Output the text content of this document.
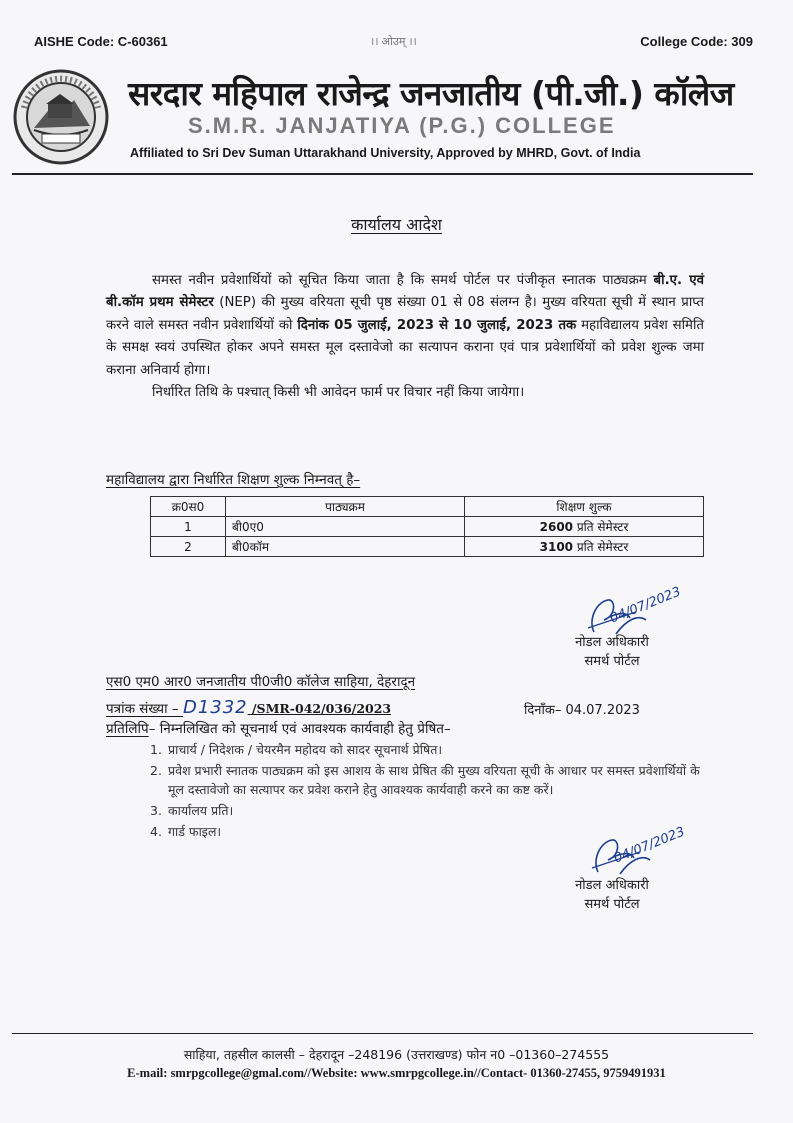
AISHE Code: C-60361	।। ओउम् ।।	College Code: 309
सरदार महिपाल राजेन्द्र जनजातीय (पी.जी.) कॉलेज
S.M.R. JANJATIYA (P.G.) COLLEGE
Affiliated to Sri Dev Suman Uttarakhand University, Approved by MHRD, Govt. of India
कार्यालय आदेश

समस्त नवीन प्रवेशार्थियों को सूचित किया जाता है कि समर्थ पोर्टल पर पंजीकृत स्नातक पाठ्यक्रम बी.ए. एवं बी.कॉम प्रथम सेमेस्टर (NEP) की मुख्य वरियता सूची पृष्ठ संख्या 01 से 08 संलग्न है। मुख्य वरियता सूची में स्थान प्राप्त करने वाले समस्त नवीन प्रवेशार्थियों को दिनांक 05 जुलाई, 2023 से 10 जुलाई, 2023 तक महाविद्यालय प्रवेश समिति के समक्ष स्वयं उपस्थित होकर अपने समस्त मूल दस्तावेजो का सत्यापन कराना एवं पात्र प्रवेशार्थियों को प्रवेश शुल्क जमा कराना अनिवार्य होगा।

निर्धारित तिथि के पश्चात् किसी भी आवेदन फार्म पर विचार नहीं किया जायेगा।

महाविद्यालय द्वारा निर्धारित शिक्षण शुल्क निम्नवत् है–
क्र0स0	पाठ्यक्रम	शिक्षण शुल्क
1	बी0ए0	2600 प्रति सेमेस्टर
2	बी0कॉम	3100 प्रति सेमेस्टर
04/07/2023
नोडल अधिकारी
समर्थ पोर्टल
एस0 एम0 आर0 जनजातीय पी0जी0 कॉलेज साहिया, देहरादून
पत्रांक संख्या – D1332 /SMR-042/036/2023	दिनाँक– 04.07.2023
प्रतिलिपि– निम्नलिखित को सूचनार्थ एवं आवश्यक कार्यवाही हेतु प्रेषित–
1. प्राचार्य / निदेशक / चेयरमैन महोदय को सादर सूचनार्थ प्रेषित।
2. प्रवेश प्रभारी स्नातक पाठ्यक्रम को इस आशय के साथ प्रेषित की मुख्य वरियता सूची के आधार पर समस्त प्रवेशार्थियों के मूल दस्तावेजो का सत्यापर कर प्रवेश कराने हेतु आवश्यक कार्यवाही करने का कष्ट करें।
3. कार्यालय प्रति।
4. गार्ड फाइल।	04/07/2023
नोडल अधिकारी
समर्थ पोर्टल
साहिया, तहसील कालसी – देहरादून –248196 (उत्तराखण्ड) फोन न0 –01360–274555
E-mail: smrpgcollege@gmal.com//Website: www.smrpgcollege.in//Contact- 01360-27455, 9759491931
